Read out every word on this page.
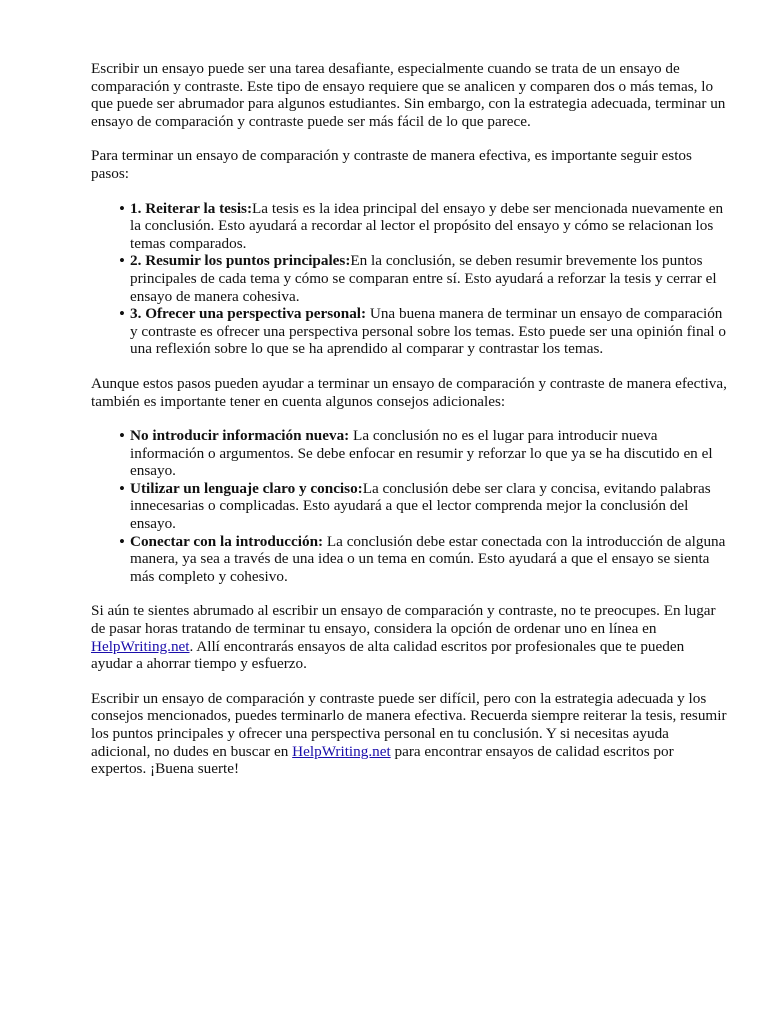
Escribir un ensayo puede ser una tarea desafiante, especialmente cuando se trata de un ensayo de comparación y contraste. Este tipo de ensayo requiere que se analicen y comparen dos o más temas, lo que puede ser abrumador para algunos estudiantes. Sin embargo, con la estrategia adecuada, terminar un ensayo de comparación y contraste puede ser más fácil de lo que parece.

Para terminar un ensayo de comparación y contraste de manera efectiva, es importante seguir estos pasos:

• 1. Reiterar la tesis:La tesis es la idea principal del ensayo y debe ser mencionada nuevamente en la conclusión. Esto ayudará a recordar al lector el propósito del ensayo y cómo se relacionan los temas comparados.
• 2. Resumir los puntos principales:En la conclusión, se deben resumir brevemente los puntos principales de cada tema y cómo se comparan entre sí. Esto ayudará a reforzar la tesis y cerrar el ensayo de manera cohesiva.
• 3. Ofrecer una perspectiva personal: Una buena manera de terminar un ensayo de comparación y contraste es ofrecer una perspectiva personal sobre los temas. Esto puede ser una opinión final o una reflexión sobre lo que se ha aprendido al comparar y contrastar los temas.

Aunque estos pasos pueden ayudar a terminar un ensayo de comparación y contraste de manera efectiva, también es importante tener en cuenta algunos consejos adicionales:

• No introducir información nueva: La conclusión no es el lugar para introducir nueva información o argumentos. Se debe enfocar en resumir y reforzar lo que ya se ha discutido en el ensayo.
• Utilizar un lenguaje claro y conciso:La conclusión debe ser clara y concisa, evitando palabras innecesarias o complicadas. Esto ayudará a que el lector comprenda mejor la conclusión del ensayo.
• Conectar con la introducción: La conclusión debe estar conectada con la introducción de alguna manera, ya sea a través de una idea o un tema en común. Esto ayudará a que el ensayo se sienta más completo y cohesivo.

Si aún te sientes abrumado al escribir un ensayo de comparación y contraste, no te preocupes. En lugar de pasar horas tratando de terminar tu ensayo, considera la opción de ordenar uno en línea en HelpWriting.net. Allí encontrarás ensayos de alta calidad escritos por profesionales que te pueden ayudar a ahorrar tiempo y esfuerzo.

Escribir un ensayo de comparación y contraste puede ser difícil, pero con la estrategia adecuada y los consejos mencionados, puedes terminarlo de manera efectiva. Recuerda siempre reiterar la tesis, resumir los puntos principales y ofrecer una perspectiva personal en tu conclusión. Y si necesitas ayuda adicional, no dudes en buscar en HelpWriting.net para encontrar ensayos de calidad escritos por expertos. ¡Buena suerte!
